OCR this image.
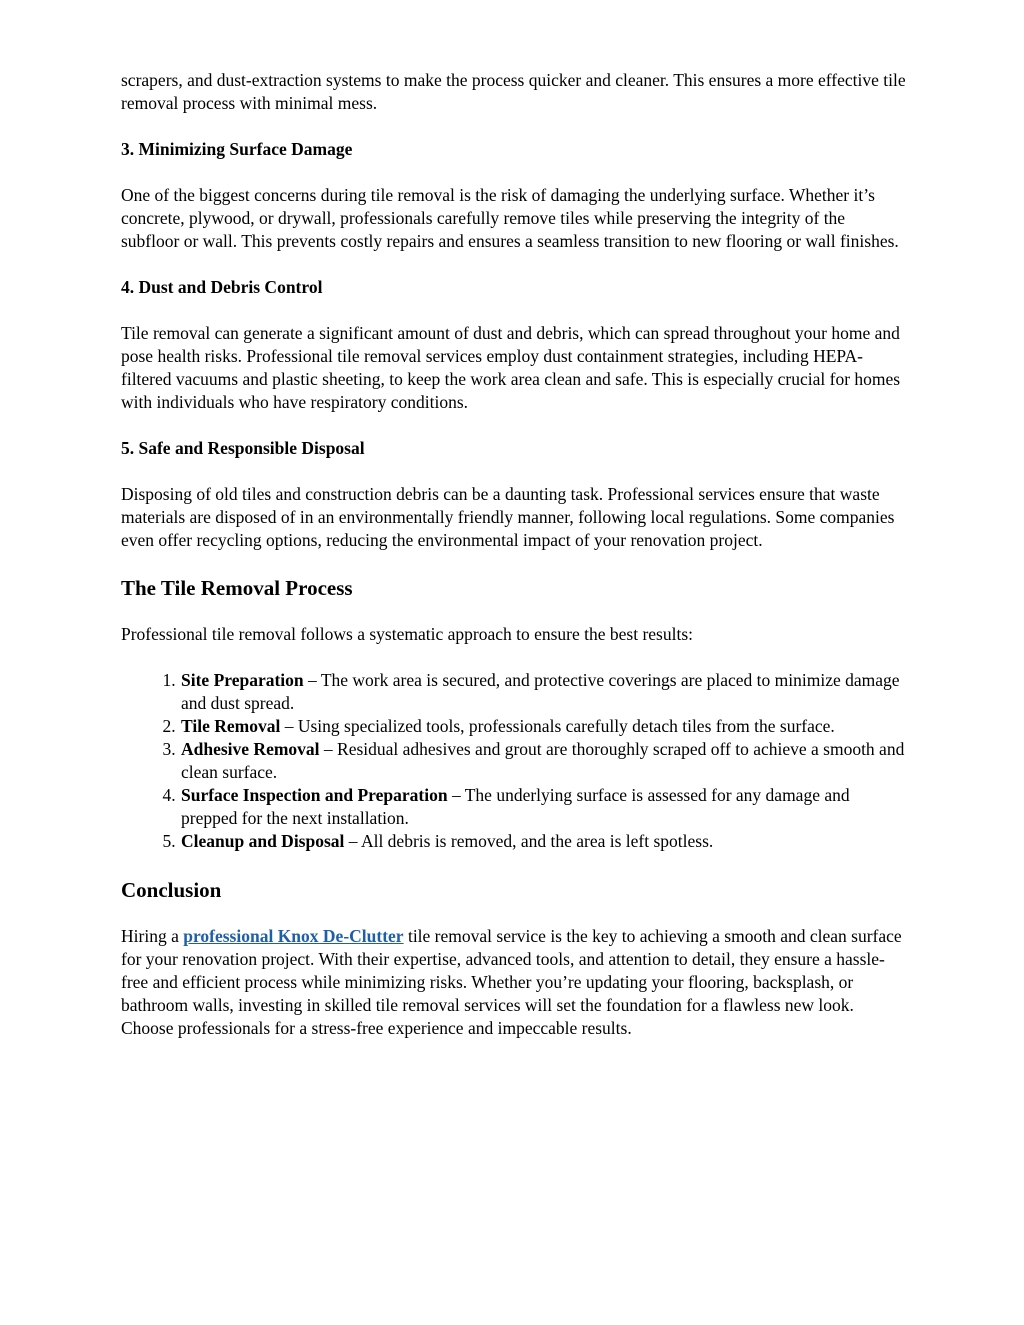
scrapers, and dust-extraction systems to make the process quicker and cleaner. This ensures a more effective tile removal process with minimal mess.

3. Minimizing Surface Damage

One of the biggest concerns during tile removal is the risk of damaging the underlying surface. Whether it’s concrete, plywood, or drywall, professionals carefully remove tiles while preserving the integrity of the subfloor or wall. This prevents costly repairs and ensures a seamless transition to new flooring or wall finishes.

4. Dust and Debris Control

Tile removal can generate a significant amount of dust and debris, which can spread throughout your home and pose health risks. Professional tile removal services employ dust containment strategies, including HEPA-filtered vacuums and plastic sheeting, to keep the work area clean and safe. This is especially crucial for homes with individuals who have respiratory conditions.

5. Safe and Responsible Disposal

Disposing of old tiles and construction debris can be a daunting task. Professional services ensure that waste materials are disposed of in an environmentally friendly manner, following local regulations. Some companies even offer recycling options, reducing the environmental impact of your renovation project.

The Tile Removal Process

Professional tile removal follows a systematic approach to ensure the best results:

1. Site Preparation – The work area is secured, and protective coverings are placed to minimize damage and dust spread.
2. Tile Removal – Using specialized tools, professionals carefully detach tiles from the surface.
3. Adhesive Removal – Residual adhesives and grout are thoroughly scraped off to achieve a smooth and clean surface.
4. Surface Inspection and Preparation – The underlying surface is assessed for any damage and prepped for the next installation.
5. Cleanup and Disposal – All debris is removed, and the area is left spotless.
Conclusion

Hiring a professional Knox De-Clutter tile removal service is the key to achieving a smooth and clean surface for your renovation project. With their expertise, advanced tools, and attention to detail, they ensure a hassle-free and efficient process while minimizing risks. Whether you’re updating your flooring, backsplash, or bathroom walls, investing in skilled tile removal services will set the foundation for a flawless new look. Choose professionals for a stress-free experience and impeccable results.
